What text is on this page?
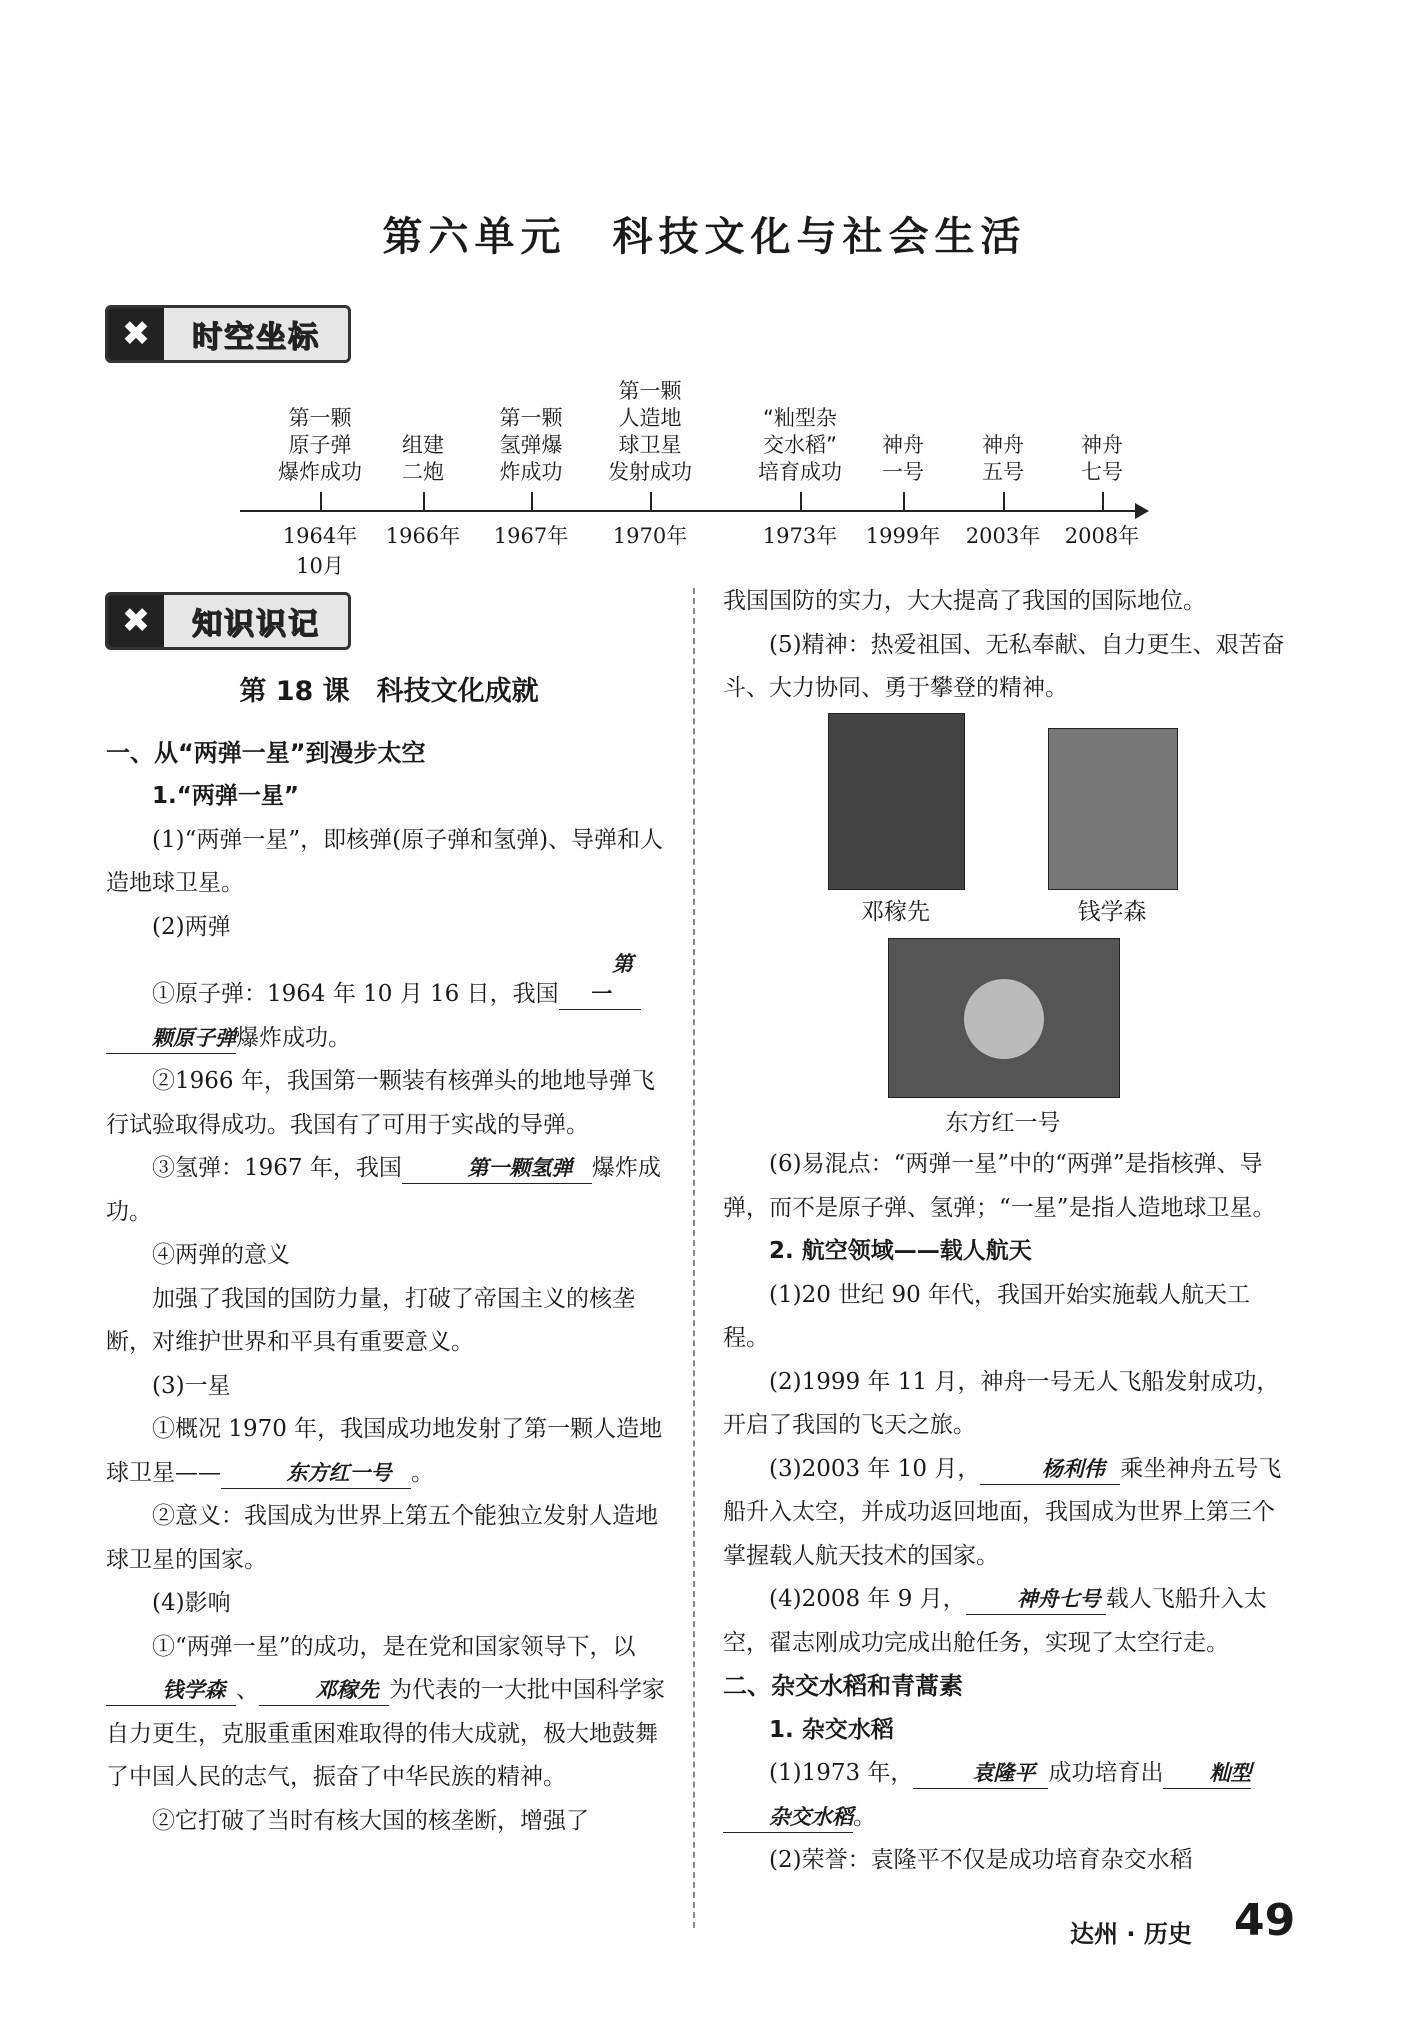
第六单元　科技文化与社会生活
✖	时空坐标
第一颗
原子弹
爆炸成功
1964年
10月
组建
二炮
1966年
第一颗
氢弹爆
炸成功
1967年
第一颗
人造地
球卫星
发射成功
1970年
“籼型杂
交水稻”
培育成功
1973年
神舟
一号
1999年
神舟
五号
2003年
神舟
七号
2008年
✖	知识识记

第 18 课　科技文化成就

一、从“两弹一星”到漫步太空

1.“两弹一星”

(1)“两弹一星”，即核弹(原子弹和氢弹)、导弹和人造地球卫星。

(2)两弹

①原子弹：1964 年 10 月 16 日，我国第一颗原子弹爆炸成功。

②1966 年，我国第一颗装有核弹头的地地导弹飞行试验取得成功。我国有了可用于实战的导弹。

③氢弹：1967 年，我国	第一颗氢弹 爆炸成功。

④两弹的意义

加强了我国的国防力量，打破了帝国主义的核垄断，对维护世界和平具有重要意义。

(3)一星

①概况 1970 年，我国成功地发射了第一颗人造地球卫星——	东方红一号 。

②意义：我国成为世界上第五个能独立发射人造地球卫星的国家。

(4)影响

①“两弹一星”的成功，是在党和国家领导下，以钱学森 、	邓稼先 为代表的一大批中国科学家自力更生，克服重重困难取得的伟大成就，极大地鼓舞了中国人民的志气，振奋了中华民族的精神。

②它打破了当时有核大国的核垄断，增强了

我国国防的实力，大大提高了我国的国际地位。

(5)精神：热爱祖国、无私奉献、自力更生、艰苦奋斗、大力协同、勇于攀登的精神。

邓稼先	钱学森
东方红一号

(6)易混点：“两弹一星”中的“两弹”是指核弹、导弹，而不是原子弹、氢弹；“一星”是指人造地球卫星。

2. 航空领域——载人航天

(1)20 世纪 90 年代，我国开始实施载人航天工程。

(2)1999 年 11 月，神舟一号无人飞船发射成功，开启了我国的飞天之旅。

(3)2003 年 10 月，	杨利伟 乘坐神舟五号飞船升入太空，并成功返回地面，我国成为世界上第三个掌握载人航天技术的国家。

(4)2008 年 9 月， 神舟七号 载人飞船升入太空，翟志刚成功完成出舱任务，实现了太空行走。

二、杂交水稻和青蒿素

1. 杂交水稻

(1)1973 年，	袁隆平 成功培育出 籼型杂交水稻。

(2)荣誉：袁隆平不仅是成功培育杂交水稻

达州 · 历史 49
